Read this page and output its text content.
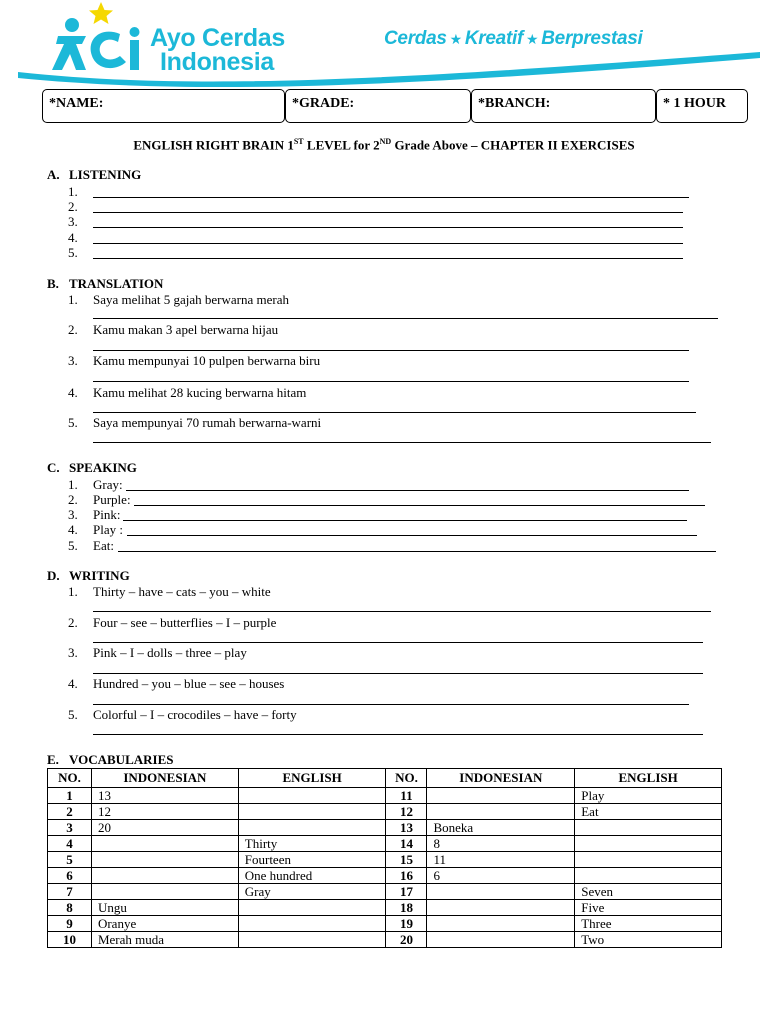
Ayo Cerdas
Indonesia
Cerdas ★ Kreatif ★ Berprestasi
*NAME:	*GRADE:	*BRANCH:	* 1 HOUR
ENGLISH RIGHT BRAIN 1ST LEVEL for 2ND Grade Above – CHAPTER II EXERCISES
A. LISTENING
1.
2.
3.
4.
5.
B. TRANSLATION
1. Saya melihat 5 gajah berwarna merah
2. Kamu makan 3 apel berwarna hijau
3. Kamu mempunyai 10 pulpen berwarna biru
4. Kamu melihat 28 kucing berwarna hitam
5. Saya mempunyai 70 rumah berwarna-warni
C. SPEAKING
1. Gray:
2. Purple:
3. Pink:
4. Play :
5. Eat:
D. WRITING
1. Thirty – have – cats – you – white
2. Four – see – butterflies – I – purple
3. Pink – I – dolls – three – play
4. Hundred – you – blue – see – houses
5. Colorful – I – crocodiles – have – forty
E. VOCABULARIES
NO.	INDONESIAN	ENGLISH	NO.	INDONESIAN	ENGLISH
1	13		11		Play
2	12		12		Eat
3	20		13	Boneka	
4		Thirty	14	8	
5		Fourteen	15	11	
6		One hundred	16	6	
7		Gray	17		Seven
8	Ungu		18		Five
9	Oranye		19		Three
10	Merah muda		20		Two
